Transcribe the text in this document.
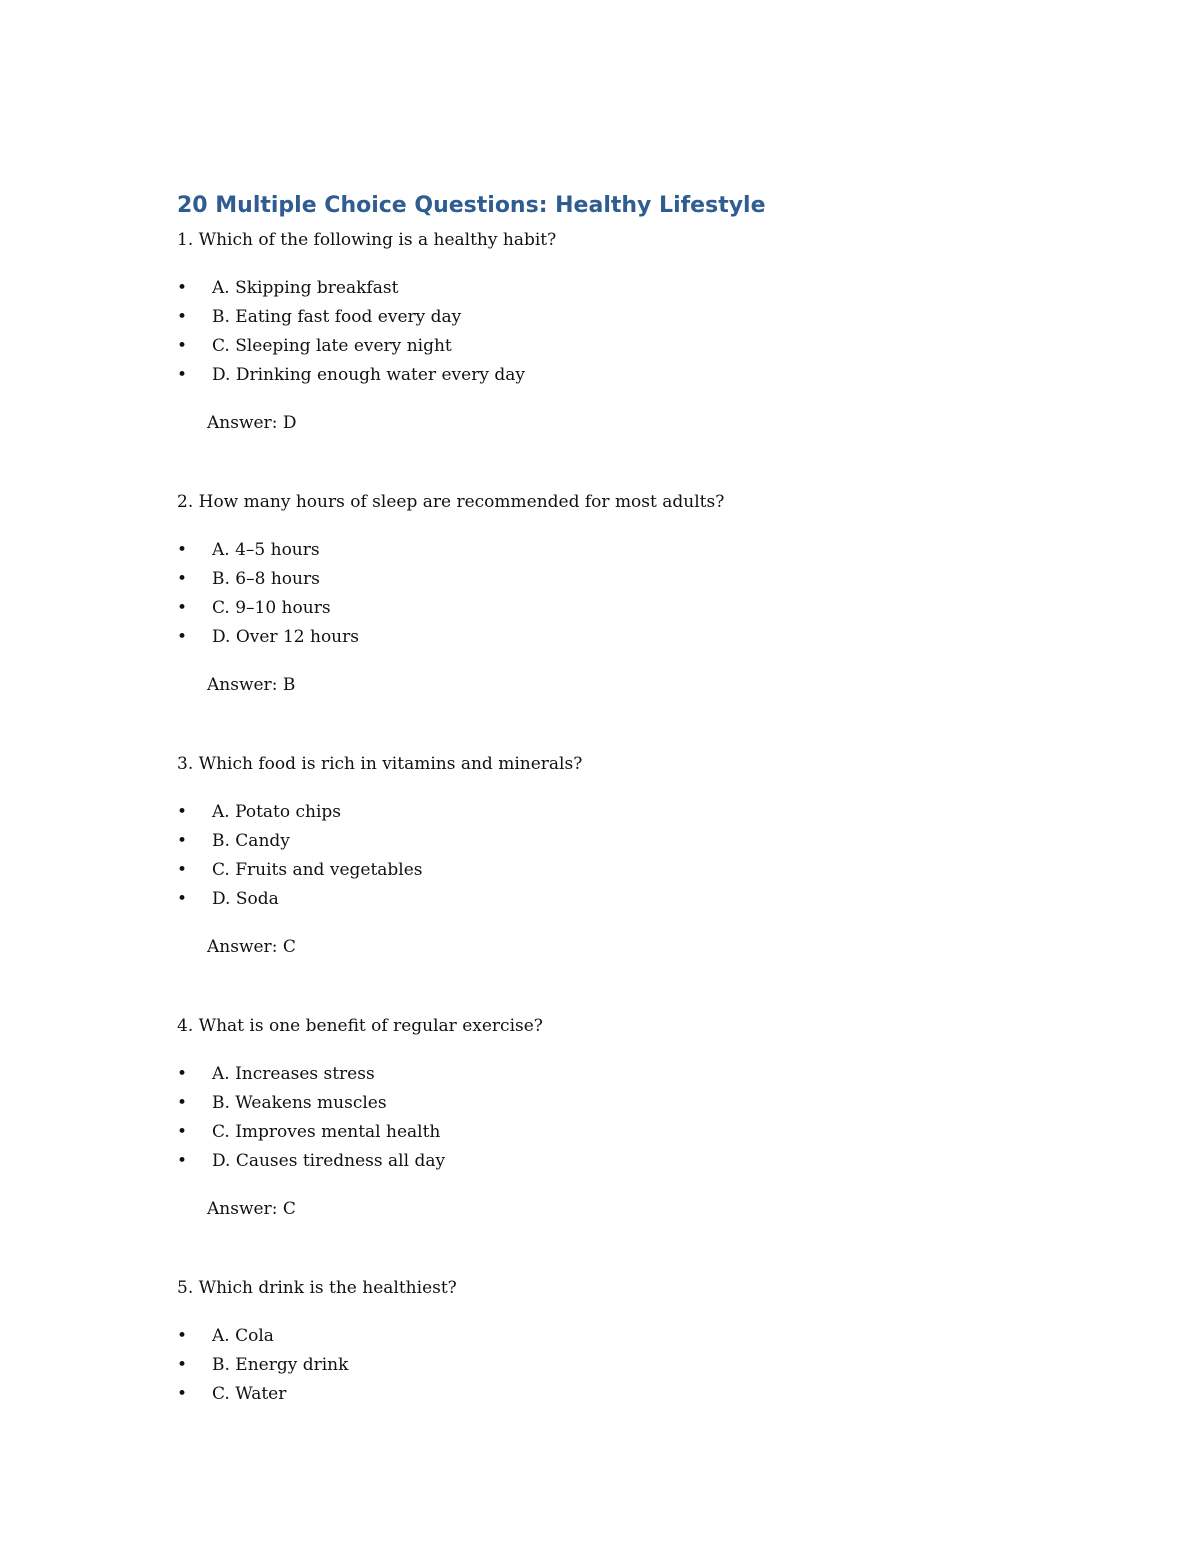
20 Multiple Choice Questions: Healthy Lifestyle

1. Which of the following is a healthy habit?

• A. Skipping breakfast
• B. Eating fast food every day
• C. Sleeping late every night
• D. Drinking enough water every day

Answer: D

2. How many hours of sleep are recommended for most adults?

• A. 4–5 hours
• B. 6–8 hours
• C. 9–10 hours
• D. Over 12 hours

Answer: B

3. Which food is rich in vitamins and minerals?

• A. Potato chips
• B. Candy
• C. Fruits and vegetables
• D. Soda

Answer: C

4. What is one benefit of regular exercise?

• A. Increases stress
• B. Weakens muscles
• C. Improves mental health
• D. Causes tiredness all day

Answer: C

5. Which drink is the healthiest?

• A. Cola
• B. Energy drink
• C. Water
